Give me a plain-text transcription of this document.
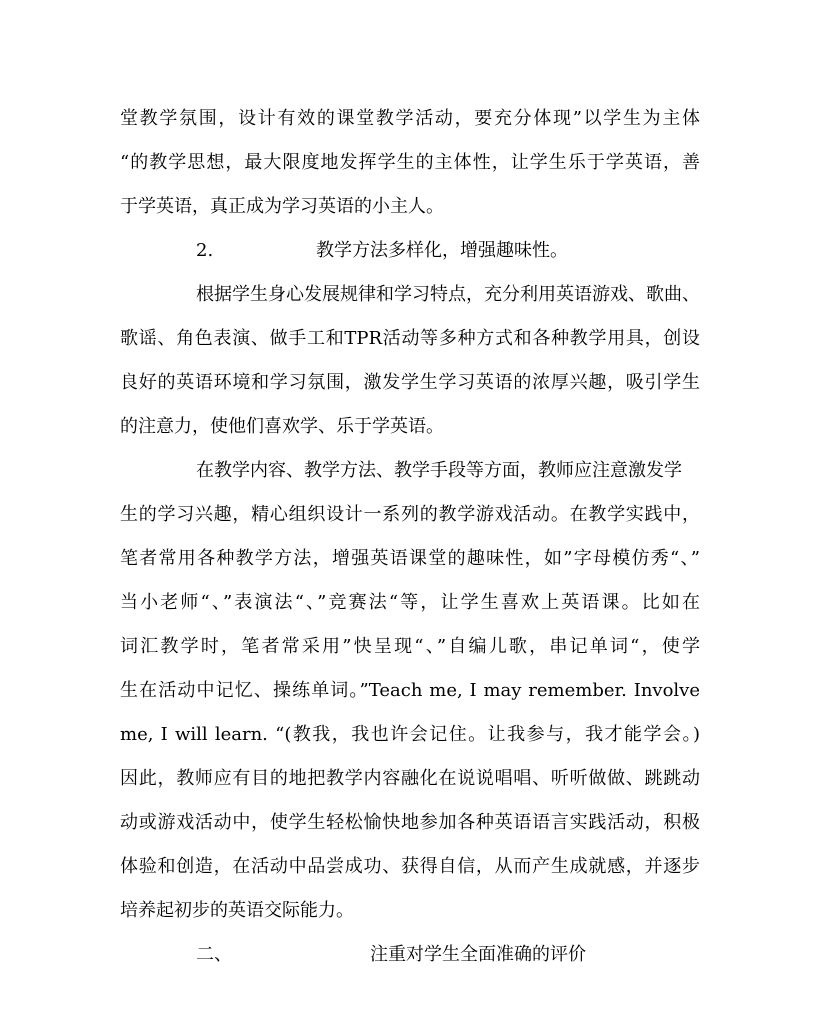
堂教学氛围，设计有效的课堂教学活动，要充分体现”以学生为主体
“的教学思想，最大限度地发挥学生的主体性，让学生乐于学英语，善
于学英语，真正成为学习英语的小主人。
2.	教学方法多样化，增强趣味性。
根据学生身心发展规律和学习特点，充分利用英语游戏、歌曲、
歌谣、角色表演、做手工和TPR活动等多种方式和各种教学用具，创设
良好的英语环境和学习氛围，激发学生学习英语的浓厚兴趣，吸引学生
的注意力，使他们喜欢学、乐于学英语。
在教学内容、教学方法、教学手段等方面，教师应注意激发学
生的学习兴趣，精心组织设计一系列的教学游戏活动。在教学实践中，
笔者常用各种教学方法，增强英语课堂的趣味性，如”字母模仿秀“、”
当小老师“、”表演法“、”竞赛法“等，让学生喜欢上英语课。比如在
词汇教学时，笔者常采用”快呈现“、”自编儿歌，串记单词“，使学
生在活动中记忆、操练单词。”Teach me, I may remember. Involve
me, I will learn. “(教我，我也许会记住。让我参与，我才能学会。)
因此，教师应有目的地把教学内容融化在说说唱唱、听听做做、跳跳动
动或游戏活动中，使学生轻松愉快地参加各种英语语言实践活动，积极
体验和创造，在活动中品尝成功、获得自信，从而产生成就感，并逐步
培养起初步的英语交际能力。
二、	注重对学生全面准确的评价
